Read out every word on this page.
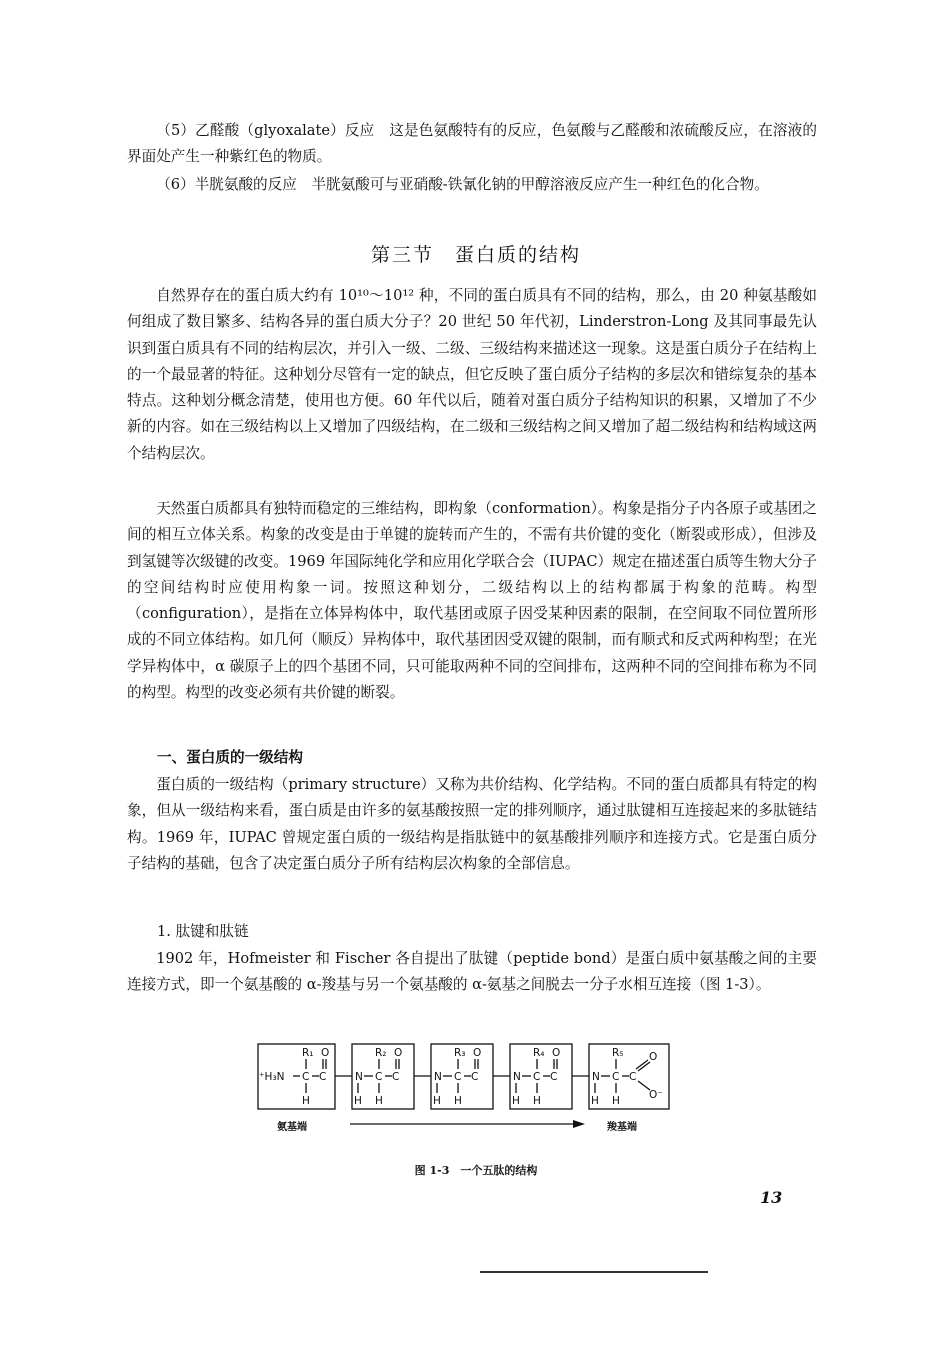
（5）乙醛酸（glyoxalate）反应　 这是色氨酸特有的反应，色氨酸与乙醛酸和浓硫酸反应，在溶液的界面处产生一种紫红色的物质。

（6）半胱氨酸的反应　 半胱氨酸可与亚硝酸-铁氰化钠的甲醇溶液反应产生一种红色的化合物。

第三节　蛋白质的结构

自然界存在的蛋白质大约有 10¹⁰～10¹² 种，不同的蛋白质具有不同的结构，那么，由 20 种氨基酸如何组成了数目繁多、结构各异的蛋白质大分子？20 世纪 50 年代初，Linderstron-Long 及其同事最先认识到蛋白质具有不同的结构层次，并引入一级、二级、三级结构来描述这一现象。这是蛋白质分子在结构上的一个最显著的特征。这种划分尽管有一定的缺点，但它反映了蛋白质分子结构的多层次和错综复杂的基本特点。这种划分概念清楚，使用也方便。60 年代以后，随着对蛋白质分子结构知识的积累，又增加了不少新的内容。如在三级结构以上又增加了四级结构，在二级和三级结构之间又增加了超二级结构和结构域这两个结构层次。

天然蛋白质都具有独特而稳定的三维结构，即构象（conformation）。构象是指分子内各原子或基团之间的相互立体关系。构象的改变是由于单键的旋转而产生的，不需有共价键的变化（断裂或形成），但涉及到氢键等次级键的改变。1969 年国际纯化学和应用化学联合会（IUPAC）规定在描述蛋白质等生物大分子的空间结构时应使用构象一词。按照这种划分，二级结构以上的结构都属于构象的范畴。构型（configuration），是指在立体异构体中，取代基团或原子因受某种因素的限制，在空间取不同位置所形成的不同立体结构。如几何（顺反）异构体中，取代基团因受双键的限制，而有顺式和反式两种构型；在光学异构体中，α 碳原子上的四个基团不同，只可能取两种不同的空间排布，这两种不同的空间排布称为不同的构型。构型的改变必须有共价键的断裂。

一、蛋白质的一级结构

蛋白质的一级结构（primary structure）又称为共价结构、化学结构。不同的蛋白质都具有特定的构象，但从一级结构来看，蛋白质是由许多的氨基酸按照一定的排列顺序，通过肽键相互连接起来的多肽链结构。1969 年，IUPAC 曾规定蛋白质的一级结构是指肽链中的氨基酸排列顺序和连接方式。它是蛋白质分子结构的基础，包含了决定蛋白质分子所有结构层次构象的全部信息。

1. 肽键和肽链

1902 年，Hofmeister 和 Fischer 各自提出了肽键（peptide bond）是蛋白质中氨基酸之间的主要连接方式，即一个氨基酸的 α-羧基与另一个氨基酸的 α-氨基之间脱去一分子水相互连接（图 1-3）。

⁺H₃N C C
R₁ O
H
N C C
R₂ O
H H
N C C
R₃ O
H H
N C C
R₄ O
H H
N C C
R₅ O
O⁻
H H
氨基端	羧基端
图 1-3　一个五肽的结构
13
